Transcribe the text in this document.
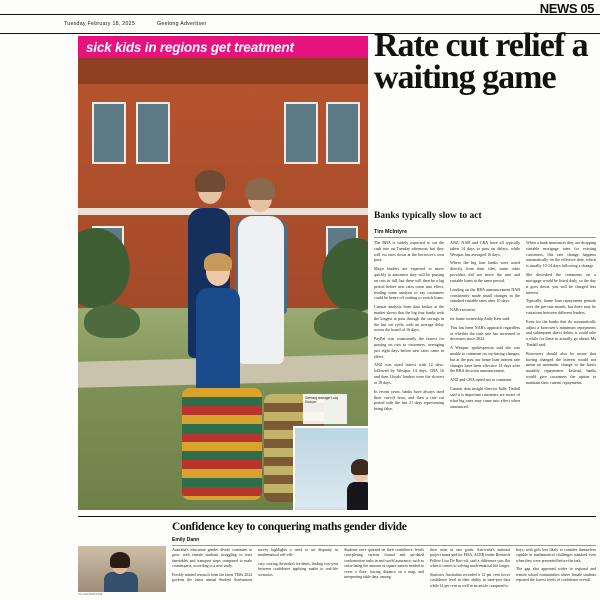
Tuesday February 18, 2025	Geelong Advertiser
NEWS 05
sick kids in regions get treatment Rate cut relief a waiting game
Banks typically slow to act
Tim McIntyre

The RBA is widely expected to cut the cash rate on Tuesday afternoon, but they will cut rates down at the borrower's own pace.

Major lenders are expected to move quickly to announce they will be passing on cuts in full, but there will then be a lag period before new rates come into effect, leading some analysts to say customers could be better off waiting to switch loans.

Canstar analysis from data broker at the market shows that the big four banks took the longest to pass through the savings in the last cut cycle, with an average delay across the board of 16 days.

PayPal was consistently the fastest for passing on cuts to customers, averaging just eight days before new rates came in effect.

ANZ was sized fastest with 12 days, followed by Westpac 14 days, CBA 16 and then Lloyds' lenders were the slowest at 18 days.

In recent years, banks have always used their cut-off hour, and then a rate cut period with the last 21 days representing being false.

ANZ, NAB and CBA have all typically taken 14 days to pass on delays, while Westpac has averaged 16 days.

Where the big four banks were noted directly from their files, some other providers did not move the unit and variable loans at the same period.

Lending on the RBA announcement NAB consistently made small changes in the standard variable rates after 10 days.

NAB executive

for home ownership Andy Kerr said:

This has been NAB's approach regardless of whether the cash rate has increased or decreases since 2022.

A Westpac spokesperson said she was unable to comment on cut-timing changes, but at the past our home loan interest rate changes have been effective 14 days after the RBA decision announcement.

ANZ and CBA opted not to comment.

Canstar data insight director Sally Tindall said it is important customers are aware of what big rates may come into effect when announced.

When a bank announces they are dropping variable mortgage rates for existing customers, this rate change happens automatically on the effective date, which is usually 10-14 days following a change.

She described the comments on a mortgage would be listed daily, so the day it goes down, you will be charged less interest.

Typically, home loan repayments periods over the pre-rate month, but there may be variations between different lenders.

Even for the banks that do automatically adjust a borrower's minimum repayments and subsequent direct debits, it could take a while for these to actually go ahead, Ms Tindall said.

Borrowers should also be aware that having changed the interest would not mean an automatic change to the loan's monthly repayments. Instead, banks would give customers the option to maintain their current repayments.

Geelong teenager Lucy Dickson

Confidence key to conquering maths gender divide
Emily Dann

Australia's education gender divide continues to grow with female students struggling to trust timetables and transport steps compared to male counterparts, according to a new study.

Freshly minted research from the latest TIMs 2024 governs the latest annual Student Assessment survey highlights a need to set disparity in mathematical self-effi-

cacy scoring Australia's tra-dents, finding two-year between confidence applying maths to real-life scenarios.

Students were quizzed on their confidence, levels com-pleting various formal and up-dated conformation tasks in and world assurance, such as calcu-lating the amount of square metres needed to cover a floor, tracing distance on a map, and interpreting table data, among

their suite in rate goals. Aus-tralia's national project mana-ged for FISA, ACER leader Research Fellow Lisa De Bort-oli, said a difference was flat when it comes to solving math-ematical life longer.

Statistics Australian recorded a 12 per cent lower confidence level in their ability to inter-pret data while 14 per cent as well in an article compared to

boys, with girls less likely to consider themselves capable in mathematical challenges standard even when they were presented before the task.

The gap also appeared wider in regional and remote school communities where female students reported the lowest levels of confidence overall.

V1-GAT0218-PG5
